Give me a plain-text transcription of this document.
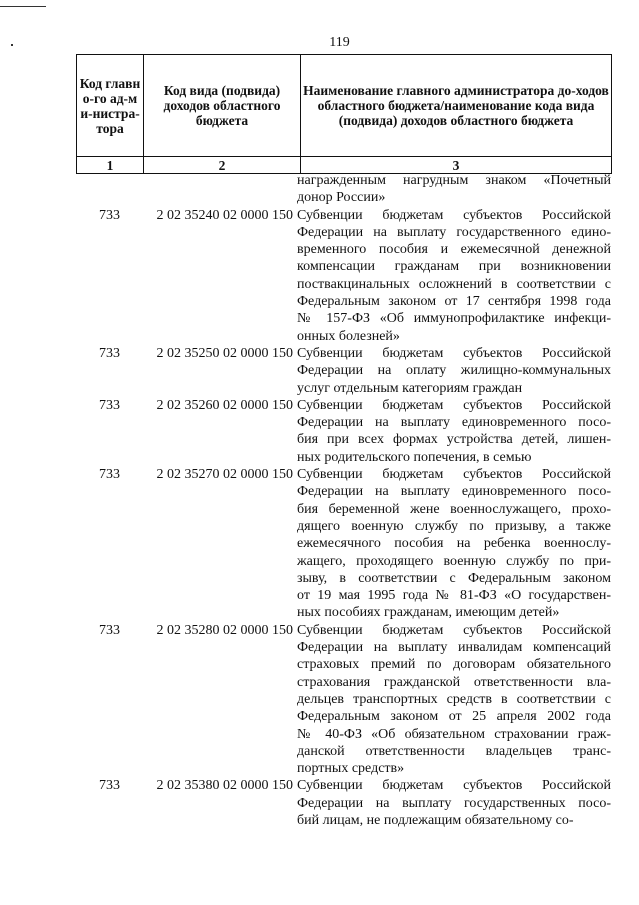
119
Код главно-го ад-ми-нистра-тора	Код вида (подвида) доходов областного бюджета	Наименование главного администратора до-ходов областного бюджета/наименование кода вида (подвида) доходов областного бюджета
1	2	3
награжденным нагрудным знаком «Почетный
донор России»
733	2 02 35240 02 0000 150 Субвенции бюджетам субъектов Российской
Федерации на выплату государственного едино-
временного пособия и ежемесячной денежной
компенсации гражданам при возникновении
поствакцинальных осложнений в соответствии с
Федеральным законом от 17 сентября 1998 года
№ 157-ФЗ «Об иммунопрофилактике инфекци-
онных болезней»
733	2 02 35250 02 0000 150 Субвенции бюджетам субъектов Российской
Федерации на оплату жилищно-коммунальных
услуг отдельным категориям граждан
733	2 02 35260 02 0000 150 Субвенции бюджетам субъектов Российской
Федерации на выплату единовременного посо-
бия при всех формах устройства детей, лишен-
ных родительского попечения, в семью
733	2 02 35270 02 0000 150 Субвенции бюджетам субъектов Российской
Федерации на выплату единовременного посо-
бия беременной жене военнослужащего, прохо-
дящего военную службу по призыву, а также
ежемесячного пособия на ребенка военнослу-
жащего, проходящего военную службу по при-
зыву, в соответствии с Федеральным законом
от 19 мая 1995 года № 81-ФЗ «О государствен-
ных пособиях гражданам, имеющим детей»
733	2 02 35280 02 0000 150 Субвенции бюджетам субъектов Российской
Федерации на выплату инвалидам компенсаций
страховых премий по договорам обязательного
страхования гражданской ответственности вла-
дельцев транспортных средств в соответствии с
Федеральным законом от 25 апреля 2002 года
№ 40-ФЗ «Об обязательном страховании граж-
данской ответственности владельцев транс-
портных средств»
733	2 02 35380 02 0000 150 Субвенции бюджетам субъектов Российской
Федерации на выплату государственных посо-
бий лицам, не подлежащим обязательному со-
